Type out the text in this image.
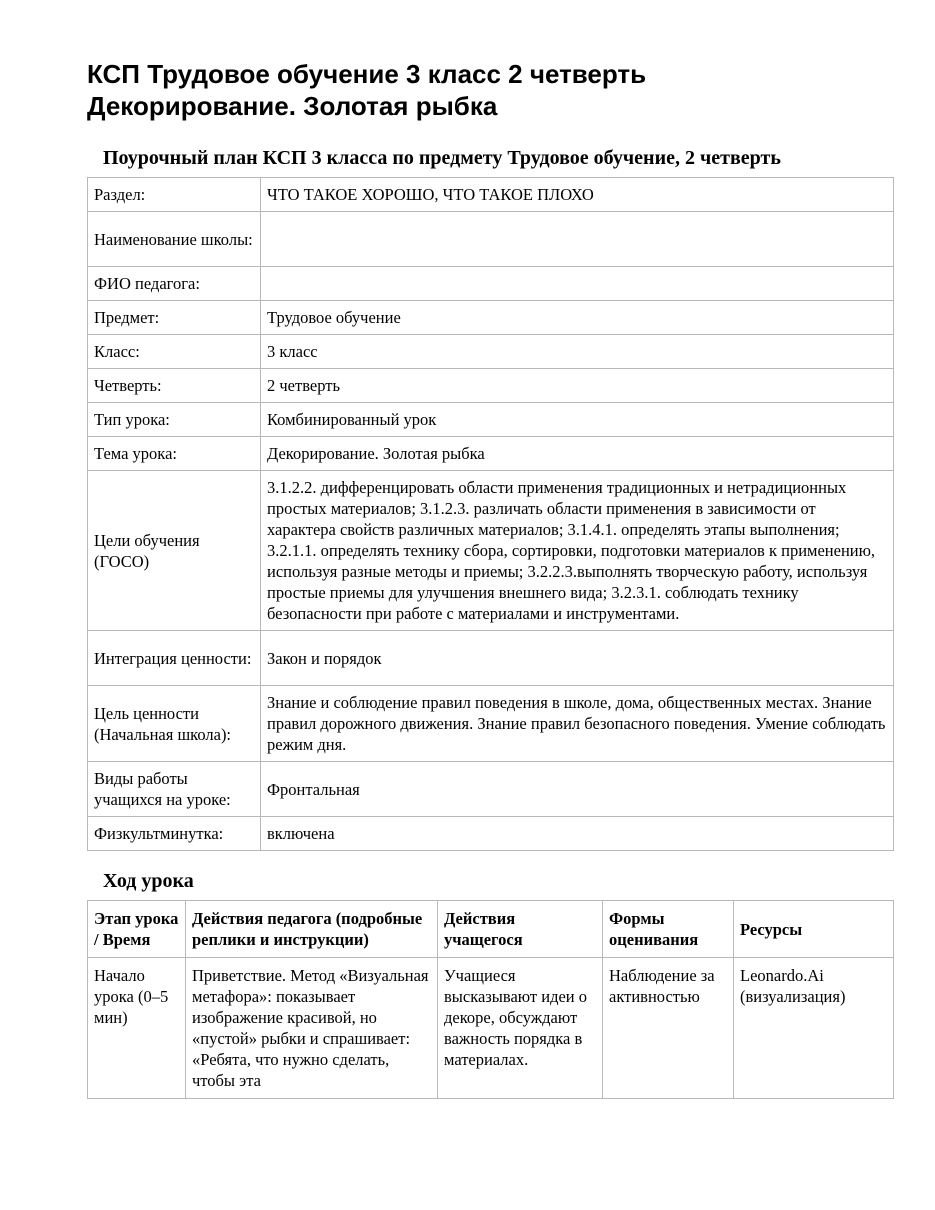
КСП Трудовое обучение 3 класс 2 четверть
Декорирование. Золотая рыбка
Поурочный план КСП 3 класса по предмету Трудовое обучение, 2 четверть
Раздел:	ЧТО ТАКОЕ ХОРОШО, ЧТО ТАКОЕ ПЛОХО
Наименование школы:	
ФИО педагога:	
Предмет:	Трудовое обучение
Класс:	3 класс
Четверть:	2 четверть
Тип урока:	Комбинированный урок
Тема урока:	Декорирование. Золотая рыбка
Цели обучения (ГОСО)	3.1.2.2. дифференцировать области применения традиционных и нетрадиционных простых материалов; 3.1.2.3. различать области применения в зависимости от характера свойств различных материалов; 3.1.4.1. определять этапы выполнения; 3.2.1.1. определять технику сбора, сортировки, подготовки материалов к применению, используя разные методы и приемы; 3.2.2.3.выполнять творческую работу, используя простые приемы для улучшения внешнего вида; 3.2.3.1. соблюдать технику безопасности при работе с материалами и инструментами.
Интеграция ценности:	Закон и порядок
Цель ценности (Начальная школа):	Знание и соблюдение правил поведения в школе, дома, общественных местах. Знание правил дорожного движения. Знание правил безопасного поведения. Умение соблюдать режим дня.
Виды работы учащихся на уроке:	Фронтальная
Физкультминутка:	включена
Ход урока
Этап урока / Время	Действия педагога (подробные реплики и инструкции)	Действия учащегося	Формы оценивания	Ресурсы
Начало урока (0–5 мин)	Приветствие. Метод «Визуальная метафора»: показывает изображение красивой, но «пустой» рыбки и спрашивает: «Ребята, что нужно сделать, чтобы эта	Учащиеся высказывают идеи о декоре, обсуждают важность порядка в материалах.	Наблюдение за активностью	Leonardo.Ai (визуализация)
